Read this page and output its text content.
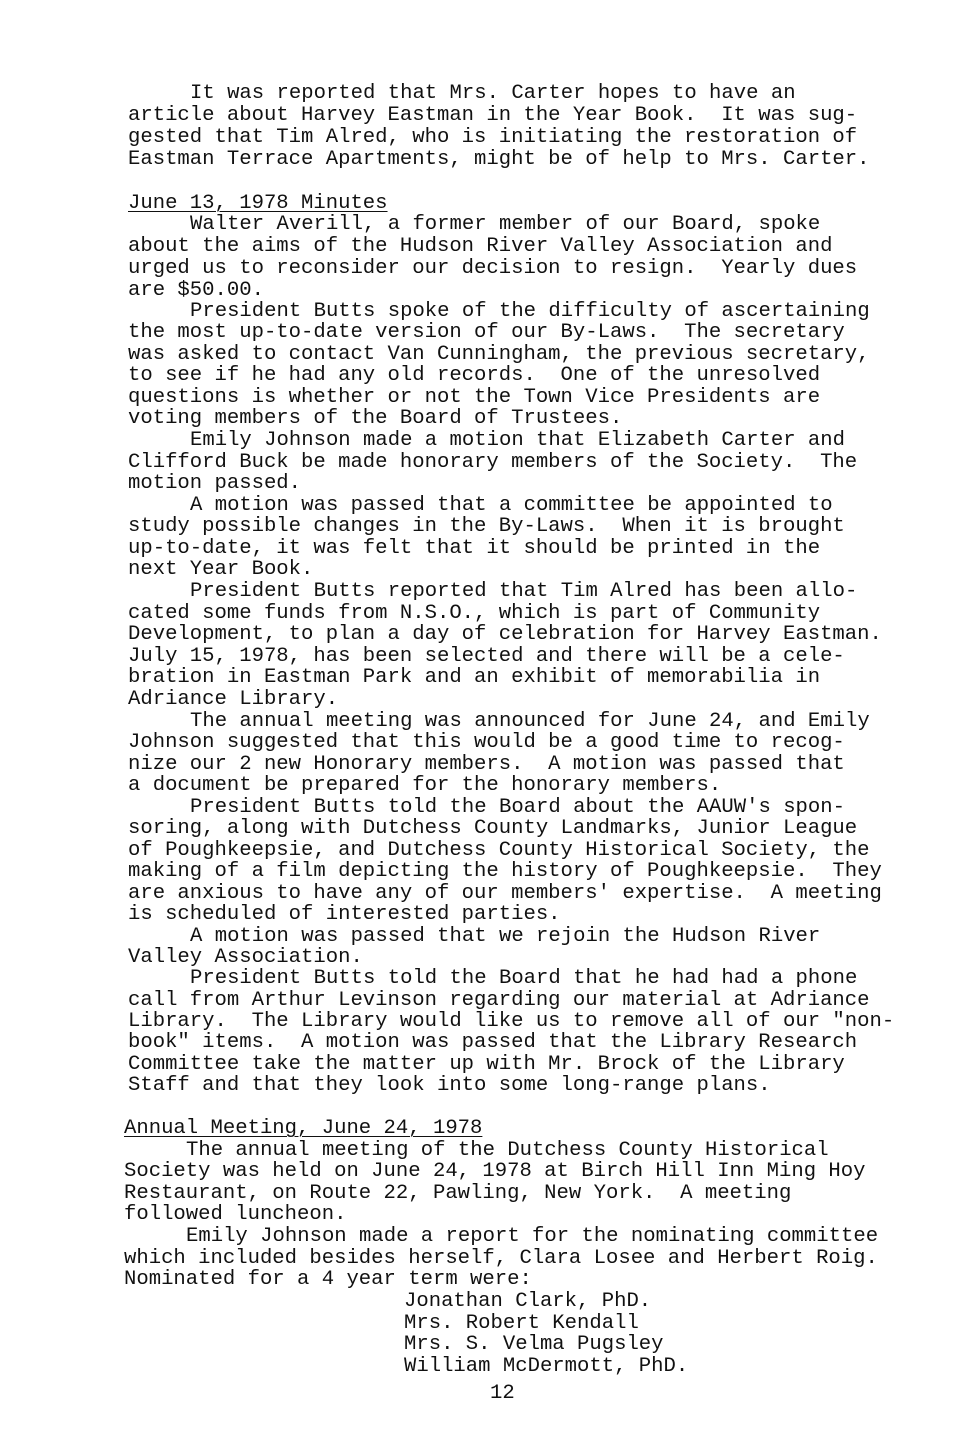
It was reported that Mrs. Carter hopes to have an
article about Harvey Eastman in the Year Book.  It was sug-
gested that Tim Alred, who is initiating the restoration of
Eastman Terrace Apartments, might be of help to Mrs. Carter.
June 13, 1978 Minutes
Walter Averill, a former member of our Board, spoke
about the aims of the Hudson River Valley Association and
urged us to reconsider our decision to resign.  Yearly dues
are $50.00.
President Butts spoke of the difficulty of ascertaining
the most up-to-date version of our By-Laws.  The secretary
was asked to contact Van Cunningham, the previous secretary,
to see if he had any old records.  One of the unresolved
questions is whether or not the Town Vice Presidents are
voting members of the Board of Trustees.
Emily Johnson made a motion that Elizabeth Carter and
Clifford Buck be made honorary members of the Society.  The
motion passed.
A motion was passed that a committee be appointed to
study possible changes in the By-Laws.  When it is brought
up-to-date, it was felt that it should be printed in the
next Year Book.
President Butts reported that Tim Alred has been allo-
cated some funds from N.S.O., which is part of Community
Development, to plan a day of celebration for Harvey Eastman.
July 15, 1978, has been selected and there will be a cele-
bration in Eastman Park and an exhibit of memorabilia in
Adriance Library.
The annual meeting was announced for June 24, and Emily
Johnson suggested that this would be a good time to recog-
nize our 2 new Honorary members.  A motion was passed that
a document be prepared for the honorary members.
President Butts told the Board about the AAUW's spon-
soring, along with Dutchess County Landmarks, Junior League
of Poughkeepsie, and Dutchess County Historical Society, the
making of a film depicting the history of Poughkeepsie.  They
are anxious to have any of our members' expertise.  A meeting
is scheduled of interested parties.
A motion was passed that we rejoin the Hudson River
Valley Association.
President Butts told the Board that he had had a phone
call from Arthur Levinson regarding our material at Adriance
Library.  The Library would like us to remove all of our "non-
book" items.  A motion was passed that the Library Research
Committee take the matter up with Mr. Brock of the Library
Staff and that they look into some long-range plans.
Annual Meeting, June 24, 1978
The annual meeting of the Dutchess County Historical
Society was held on June 24, 1978 at Birch Hill Inn Ming Hoy
Restaurant, on Route 22, Pawling, New York.  A meeting
followed luncheon.
Emily Johnson made a report for the nominating committee
which included besides herself, Clara Losee and Herbert Roig.
Nominated for a 4 year term were:
Jonathan Clark, PhD.
Mrs. Robert Kendall
Mrs. S. Velma Pugsley
William McDermott, PhD.
12
